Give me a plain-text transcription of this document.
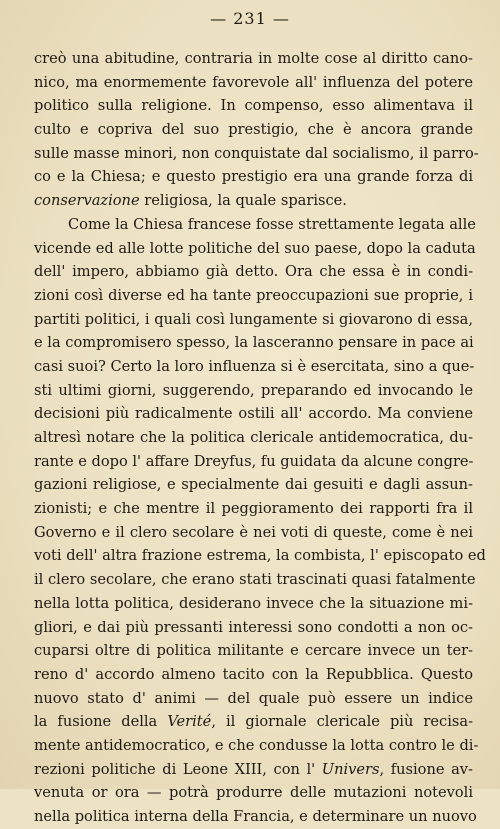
— 231 —

creò una abitudine, contraria in molte cose al diritto cano-
nico, ma enormemente favorevole all' influenza del potere
politico sulla religione. In compenso, esso alimentava il
culto e copriva del suo prestigio, che è ancora grande
sulle masse minori, non conquistate dal socialismo, il parro-
co e la Chiesa; e questo prestigio era una grande forza di
conservazione religiosa, la quale sparisce.
Come la Chiesa francese fosse strettamente legata alle
vicende ed alle lotte politiche del suo paese, dopo la caduta
dell' impero, abbiamo già detto. Ora che essa è in condi-
zioni così diverse ed ha tante preoccupazioni sue proprie, i
partiti politici, i quali così lungamente si giovarono di essa,
e la compromisero spesso, la lasceranno pensare in pace ai
casi suoi? Certo la loro influenza si è esercitata, sino a que-
sti ultimi giorni, suggerendo, preparando ed invocando le
decisioni più radicalmente ostili all' accordo. Ma conviene
altresì notare che la politica clericale antidemocratica, du-
rante e dopo l' affare Dreyfus, fu guidata da alcune congre-
gazioni religiose, e specialmente dai gesuiti e dagli assun-
zionisti; e che mentre il peggioramento dei rapporti fra il
Governo e il clero secolare è nei voti di queste, come è nei
voti dell' altra frazione estrema, la combista, l' episcopato ed
il clero secolare, che erano stati trascinati quasi fatalmente
nella lotta politica, desiderano invece che la situazione mi-
gliori, e dai più pressanti interessi sono condotti a non oc-
cuparsi oltre di politica militante e cercare invece un ter-
reno d' accordo almeno tacito con la Repubblica. Questo
nuovo stato d' animi — del quale può essere un indice
la fusione della Verité, il giornale clericale più recisa-
mente antidemocratico, e che condusse la lotta contro le di-
rezioni politiche di Leone XIII, con l' Univers, fusione av-
venuta or ora — potrà produrre delle mutazioni notevoli
nella politica interna della Francia, e determinare un nuovo
